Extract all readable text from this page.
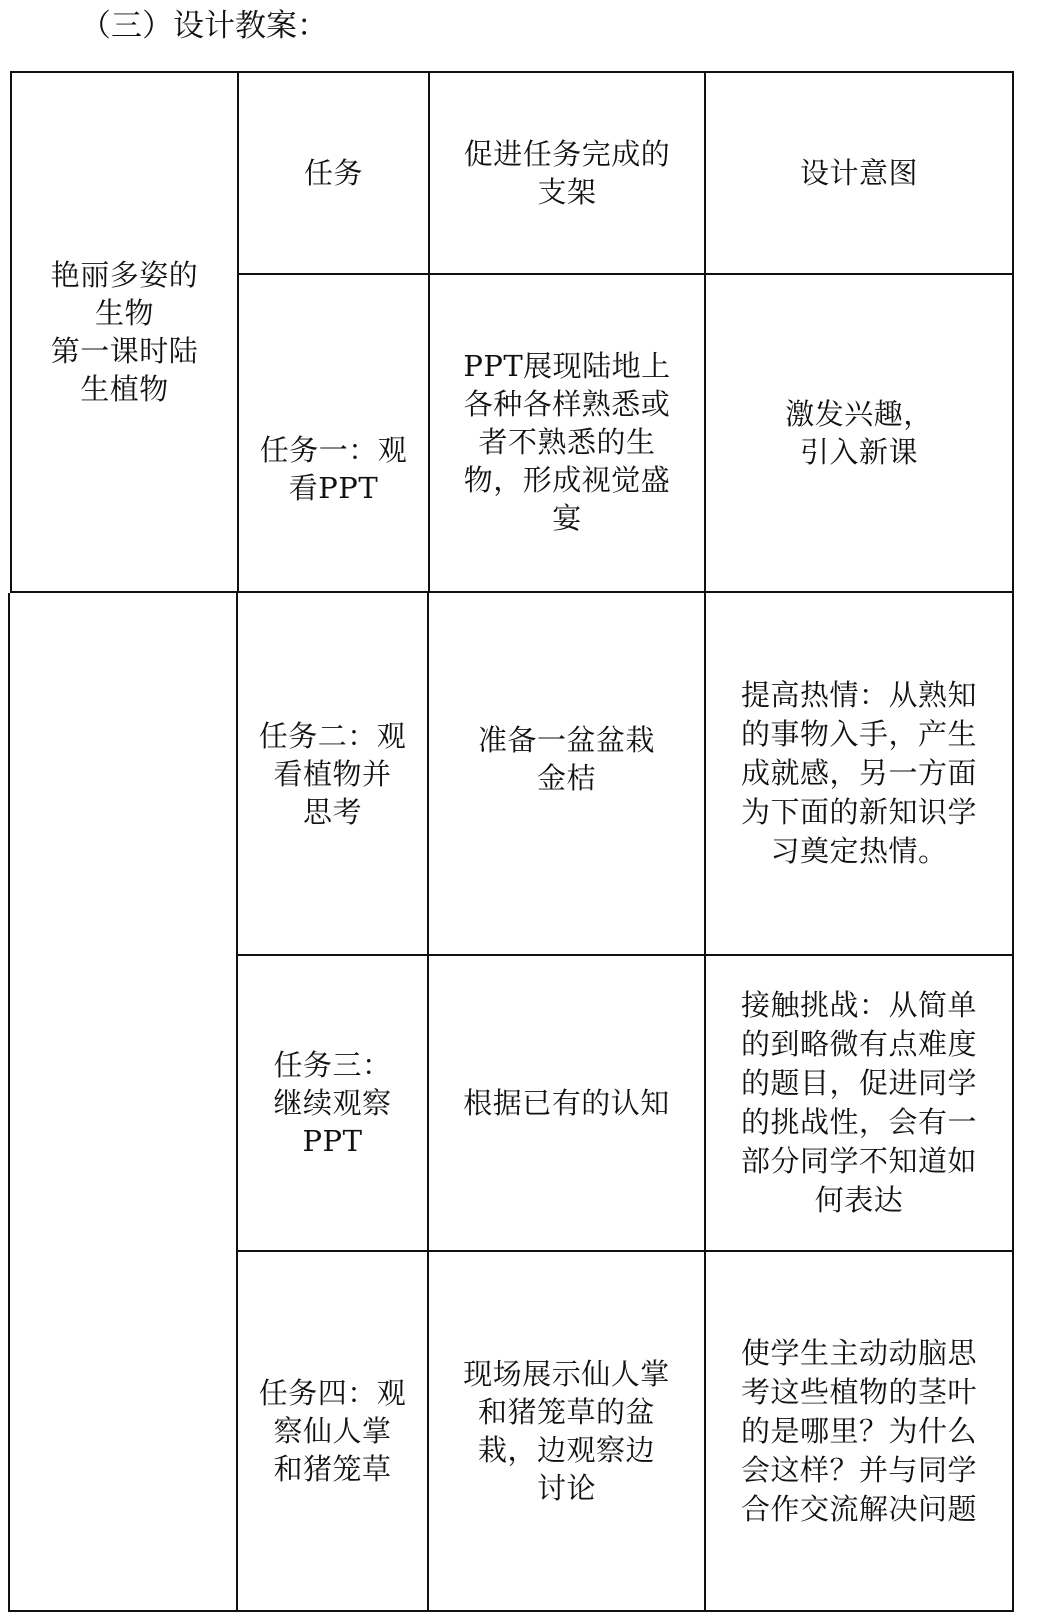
（三）设计教案：
任务
促进任务完成的
支架
设计意图
艳丽多姿的
生物
第一课时陆
生植物
任务一：观
看PPT
PPT展现陆地上
各种各样熟悉或
者不熟悉的生
物，形成视觉盛
宴
激发兴趣，
引入新课
任务二：观
看植物并
思考
准备一盆盆栽
金桔
提高热情：从熟知
的事物入手，产生
成就感，另一方面
为下面的新知识学
习奠定热情。
任务三：
继续观察
PPT
根据已有的认知
接触挑战：从简单
的到略微有点难度
的题目，促进同学
的挑战性，会有一
部分同学不知道如
何表达
任务四：观
察仙人掌
和猪笼草
现场展示仙人掌
和猪笼草的盆
栽，边观察边
讨论
使学生主动动脑思
考这些植物的茎叶
的是哪里？为什么
会这样？并与同学
合作交流解决问题
